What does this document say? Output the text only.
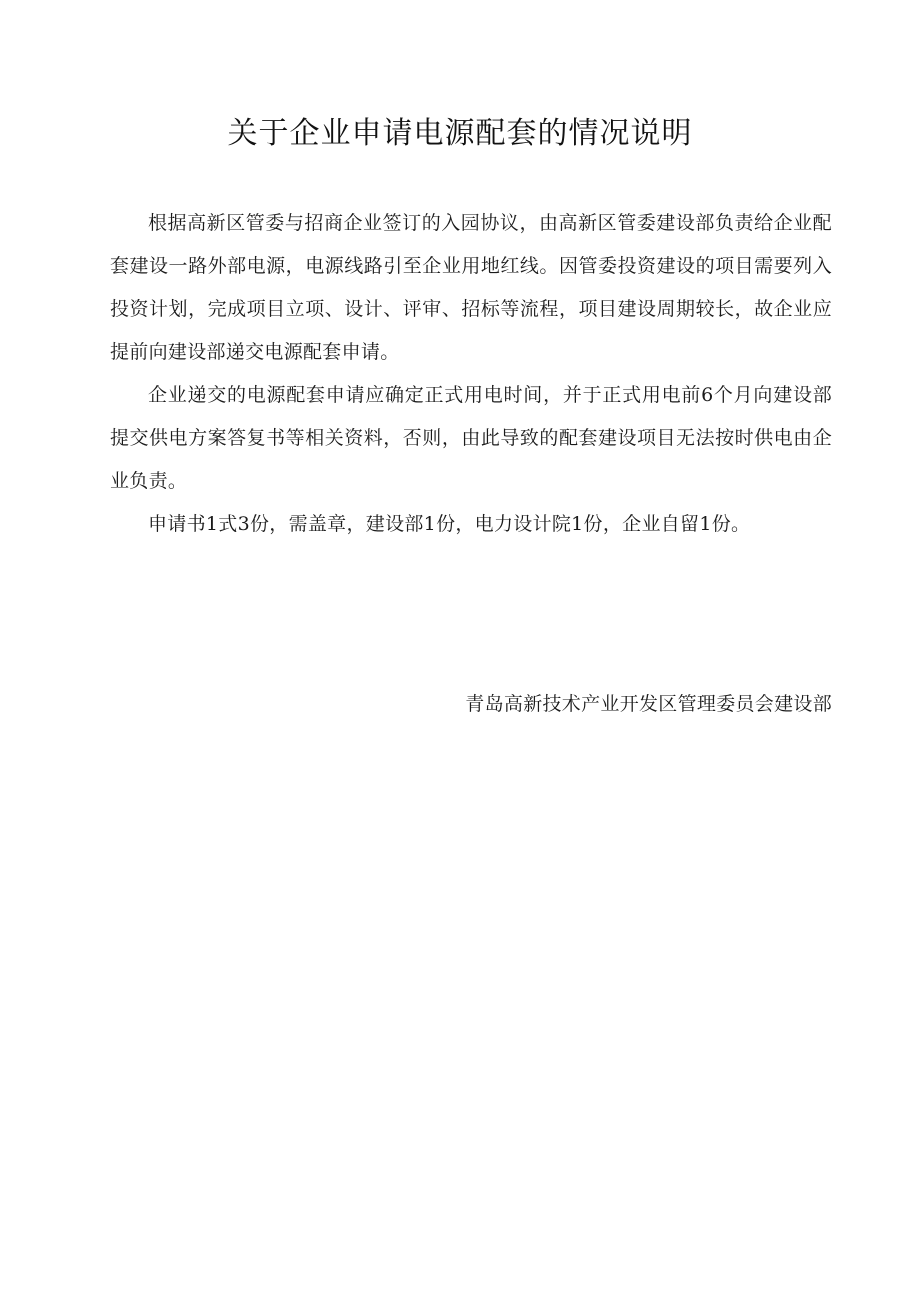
关于企业申请电源配套的情况说明

根据高新区管委与招商企业签订的入园协议，由高新区管委建设部负责给企业配套建设一路外部电源，电源线路引至企业用地红线。因管委投资建设的项目需要列入投资计划，完成项目立项、设计、评审、招标等流程，项目建设周期较长，故企业应提前向建设部递交电源配套申请。

企业递交的电源配套申请应确定正式用电时间，并于正式用电前6个月向建设部提交供电方案答复书等相关资料，否则，由此导致的配套建设项目无法按时供电由企业负责。

申请书1式3份，需盖章，建设部1份，电力设计院1份，企业自留1份。

青岛高新技术产业开发区管理委员会建设部
